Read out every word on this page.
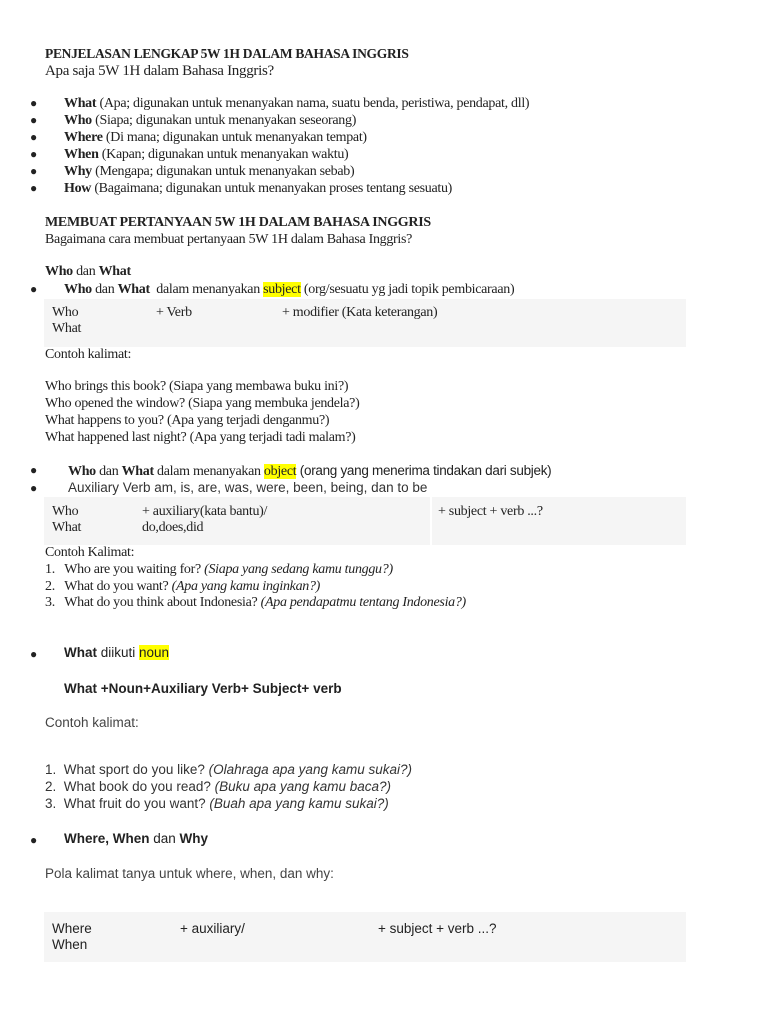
PENJELASAN LENGKAP 5W 1H DALAM BAHASA INGGRIS
Apa saja 5W 1H dalam Bahasa Inggris?
● What (Apa; digunakan untuk menanyakan nama, suatu benda, peristiwa, pendapat, dll)
● Who (Siapa; digunakan untuk menanyakan seseorang)
● Where (Di mana; digunakan untuk menanyakan tempat)
● When (Kapan; digunakan untuk menanyakan waktu)
● Why (Mengapa; digunakan untuk menanyakan sebab)
● How (Bagaimana; digunakan untuk menanyakan proses tentang sesuatu)
MEMBUAT PERTANYAAN 5W 1H DALAM BAHASA INGGRIS
Bagaimana cara membuat pertanyaan 5W 1H dalam Bahasa Inggris?
Who dan What
● Who dan What  dalam menanyakan subject (org/sesuatu yg jadi topik pembicaraan)
Who
What
+ Verb	+ modifier (Kata keterangan)
Contoh kalimat:
Who brings this book? (Siapa yang membawa buku ini?)
Who opened the window? (Siapa yang membuka jendela?)
What happens to you? (Apa yang terjadi denganmu?)
What happened last night? (Apa yang terjadi tadi malam?)
● Who dan What dalam menanyakan object (orang yang menerima tindakan dari subjek)
● Auxiliary Verb am, is, are, was, were, been, being, dan to be
Who
What
+ auxiliary(kata bantu)/
do,does,did
+ subject + verb ...?
Contoh Kalimat:
1. Who are you waiting for? (Siapa yang sedang kamu tunggu?)
2. What do you want? (Apa yang kamu inginkan?)
3. What do you think about Indonesia? (Apa pendapatmu tentang Indonesia?)
● What diikuti noun
What +Noun+Auxiliary Verb+ Subject+ verb
Contoh kalimat:
1. What sport do you like? (Olahraga apa yang kamu sukai?)
2. What book do you read? (Buku apa yang kamu baca?)
3. What fruit do you want? (Buah apa yang kamu sukai?)
● Where, When dan Why
Pola kalimat tanya untuk where, when, dan why:
Where
When
+ auxiliary/	+ subject + verb ...?
